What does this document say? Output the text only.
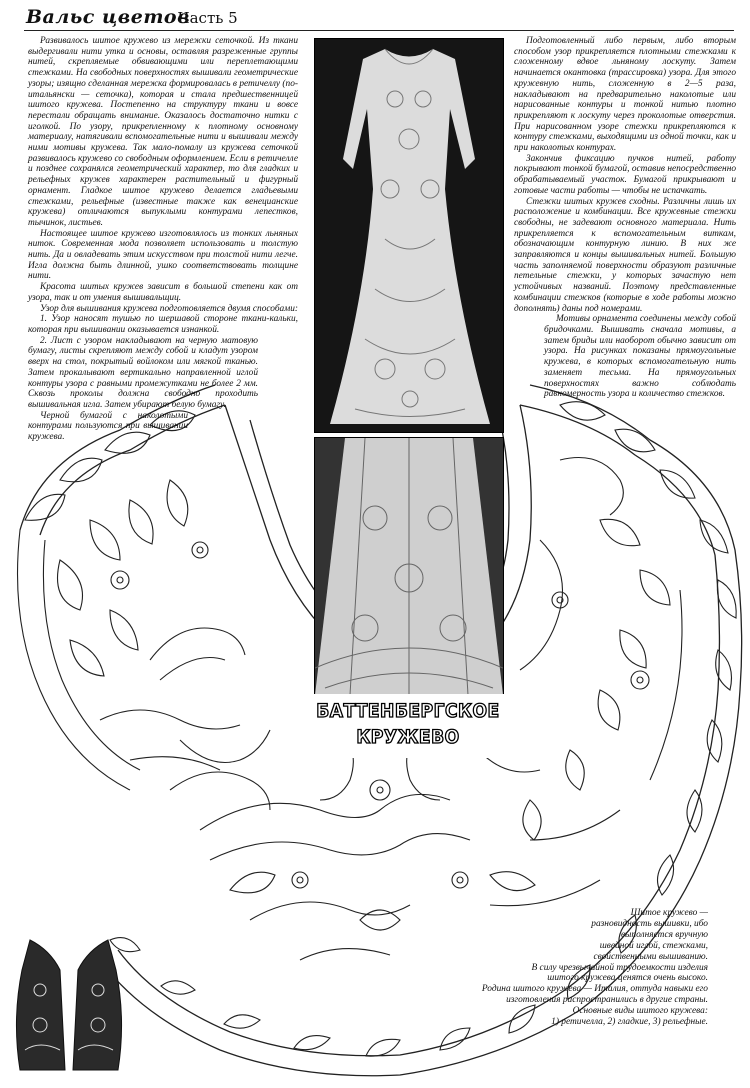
Вальс цветов
Часть 5

Развивалось шитое кружево из мережки сеточкой. Из ткани выдергивали нити утка и основы, оставляя разреженные группы нитей, скрепляемые обвивающими или переплетающими стежками. На свободных поверхностях вышивали геометрические узоры; изящно сделанная мережка формировалась в ретичеллу (по-итальянски — сеточка), которая и стала предшественницей шитого кружева. Постепенно на структуру ткани и вовсе перестали обращать внимание. Оказалось достаточно нитки с иголкой. По узору, прикрепленному к плотному основному материалу, натягивали вспомогательные нити и вышивали между ними мотивы кружева. Так мало-помалу из кружева сеточкой развивалось кружево со свободным оформлением. Если в ретичелле и позднее сохранялся геометрический характер, то для гладких и рельефных кружев характерен растительный и фигурный орнамент. Гладкое шитое кружево делается гладьевыми стежками, рельефные (известные также как венецианские кружева) отличаются выпуклыми контурами лепестков, тычинок, листьев.

Настоящее шитое кружево изготовлялось из тонких льняных ниток. Современная мода позволяет использовать и толстую нить. Да и овладевать этим искусством при толстой нити легче. Игла должна быть длинной, ушко соответствовать толщине нити.

Красота шитых кружев зависит в большой степени как от узора, так и от умения вышивальщиц.

Узор для вышивания кружева подготовляется двумя способами:

1. Узор наносят тушью по шершавой стороне ткани-кальки, которая при вышивании оказывается изнанкой.

2. Лист с узором накладывают на черную матовую бумагу, листы скрепляют между собой и кладут узором вверх на стол, покрытый войлоком или мягкой тканью. Затем прокалывают вертикально направленной иглой контуры узора с равными промежутками не более 2 мм. Сквозь проколы должна свободно проходить вышивальная игла. Затем убирают белую бумагу.

Черной бумагой с наколотыми контурами пользуются при вышивании кружева.

Подготовленный либо первым, либо вторым способом узор прикрепляется плотными стежками к сложенному вдвое льняному лоскуту. Затем начинается окантовка (трассировка) узора. Для этого кружевную нить, сложенную в 2—5 раза, накладывают на предварительно наколотые или нарисованные контуры и тонкой нитью плотно прикрепляют к лоскуту через проколотые отверстия. При нарисованном узоре стежки прикрепляются к контуру стежками, выходящими из одной точки, как и при наколотых контурах.

Закончив фиксацию пучков нитей, работу покрывают тонкой бумагой, оставив непосредственно обрабатываемый участок. Бумагой прикрывают и готовые части работы — чтобы не испачкать.

Стежки шитых кружев сходны. Различны лишь их расположение и комбинации. Все кружевные стежки свободны, не задевают основного материала. Нить прикрепляется к вспомогательным виткам, обозначающим контурную линию. В них же заправляются и концы вышивальных нитей. Большую часть заполняемой поверхности образуют различные петельные стежки, у которых зачастую нет устойчивых названий. Поэтому представленные комбинации стежков (которые в ходе работы можно дополнять) даны под номерами.

Мотивы орнамента соединены между собой бридочками. Вышивать сначала мотивы, а затем бриды или наоборот обычно зависит от узора. На рисунках показаны прямоугольные кружева, в которых вспомогательную нить заменяет тесьма. На прямоугольных поверхностях важно соблюдать равномерность узора и количество стежков.

БАТТЕНБЕРГСКОЕ
КРУЖЕВО

Шитое кружево — разновидность вышивки, ибо выполняется вручную швейной иглой, стежками, свойственными вышиванию.

В силу чрезвычайной трудоемкости изделия шитого кружева ценятся очень высоко.

Родина шитого кружева — Италия, оттуда навыки его изготовления распространились в другие страны.

Основные виды шитого кружева:

1) ретичелла, 2) гладкие, 3) рельефные.
